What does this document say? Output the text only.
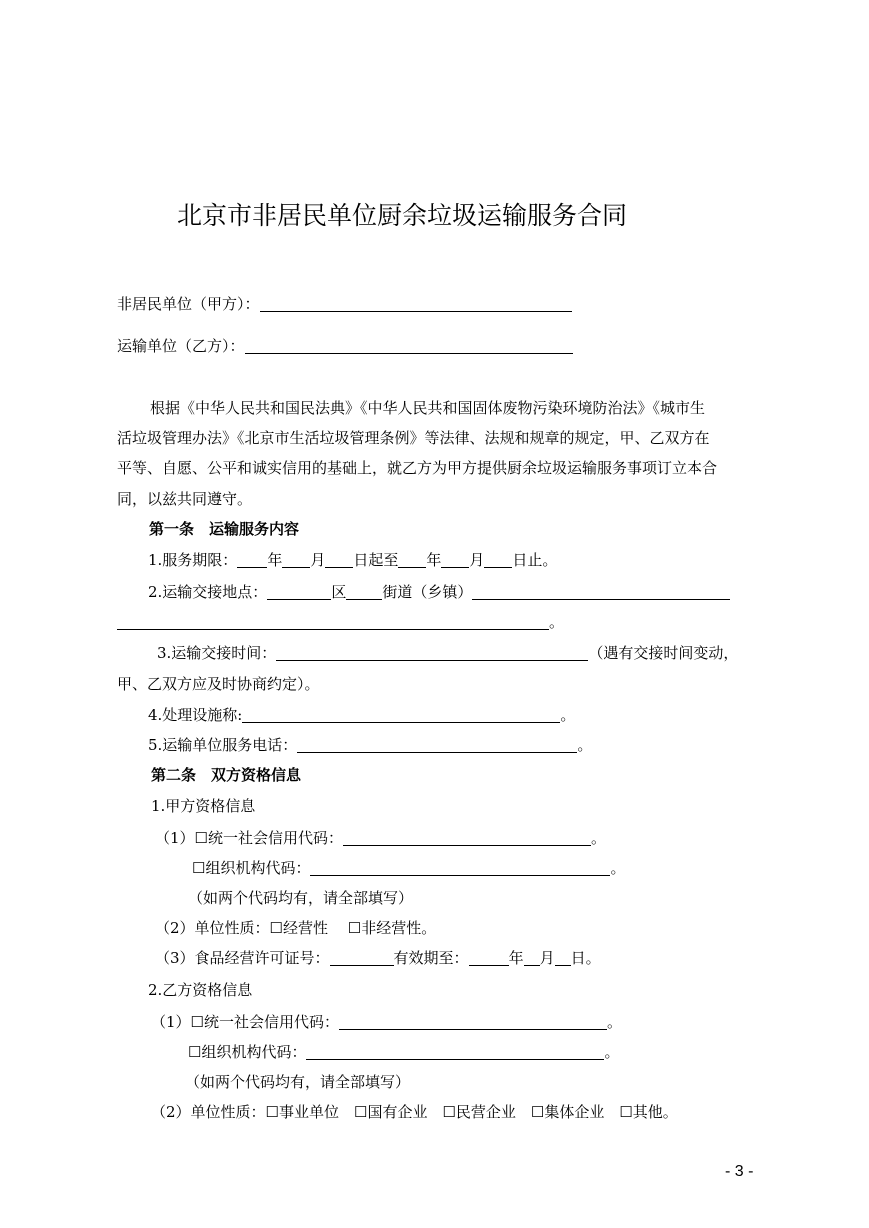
北京市非居民单位厨余垃圾运输服务合同
非居民单位（甲方）：
运输单位（乙方）：
根据《中华人民共和国民法典》《中华人民共和国固体废物污染环境防治法》《城市生
活垃圾管理办法》《北京市生活垃圾管理条例》等法律、法规和规章的规定，甲、乙双方在
平等、自愿、公平和诚实信用的基础上，就乙方为甲方提供厨余垃圾运输服务事项订立本合
同，以兹共同遵守。
第一条　运输服务内容
1.服务期限： 年 月 日起至 年 月 日止。
2.运输交接地点：	区 街道（乡镇）
。
3.运输交接时间：	（遇有交接时间变动，
甲、乙双方应及时协商约定）。
4.处理设施称:	。
5.运输单位服务电话：	。
第二条　双方资格信息
1.甲方资格信息
（1）☐统一社会信用代码：	。
☐组织机构代码：	。
（如两个代码均有，请全部填写）
（2）单位性质：☐经营性　 ☐非经营性。
（3）食品经营许可证号：	有效期至：	年 月 日。
2.乙方资格信息
（1）☐统一社会信用代码：	。
☐组织机构代码：	。
（如两个代码均有，请全部填写）
（2）单位性质：☐事业单位　☐国有企业　☐民营企业　☐集体企业　☐其他。
- 3 -
